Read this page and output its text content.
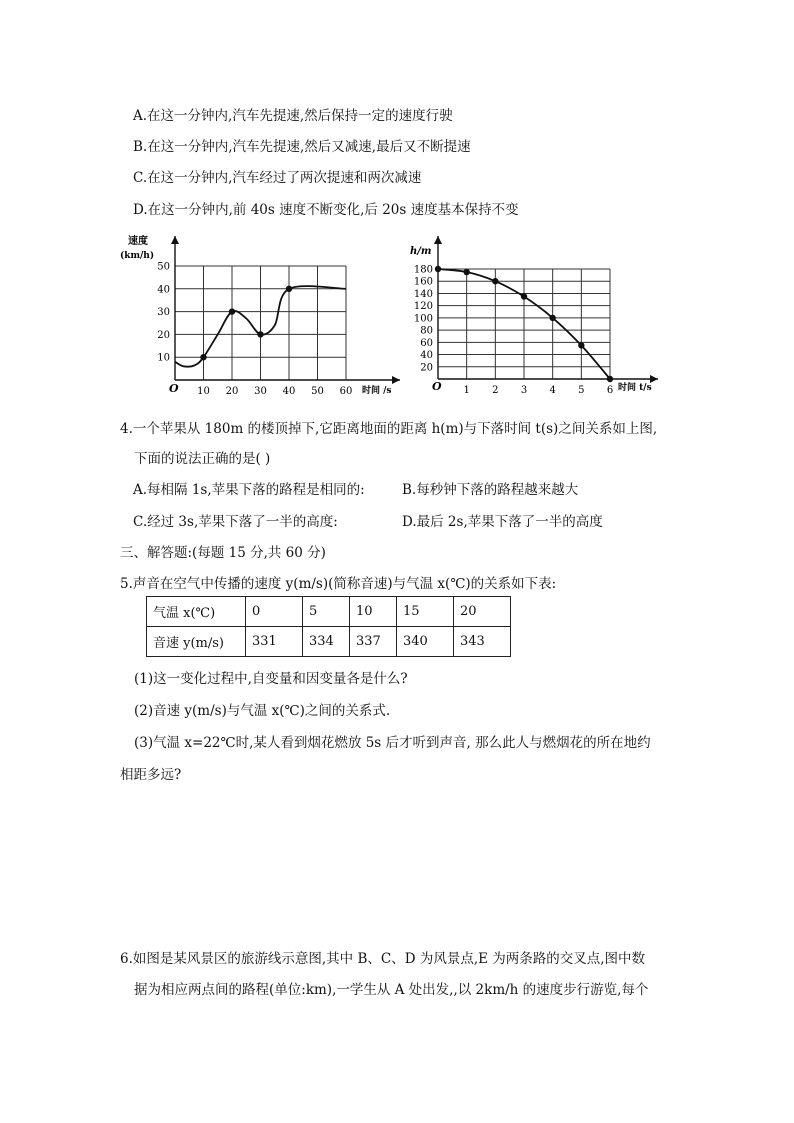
A.在这一分钟内,汽车先提速,然后保持一定的速度行驶
B.在这一分钟内,汽车先提速,然后又减速,最后又不断提速
C.在这一分钟内,汽车经过了两次提速和两次减速
D.在这一分钟内,前 40s 速度不断变化,后 20s 速度基本保持不变
速度
(km/h)
时间 /s
O 10 20 30 40 50 60
10
20
30
40
50
h/m
时间 t/s
O 1 2 3 4 5 6
20
40
60
80
100
120
140
160
180
4.一个苹果从 180m 的楼顶掉下,它距离地面的距离 h(m)与下落时间 t(s)之间关系如上图,
下面的说法正确的是( )
A.每相隔 1s,苹果下落的路程是相同的:	B.每秒钟下落的路程越来越大
C.经过 3s,苹果下落了一半的高度:	D.最后 2s,苹果下落了一半的高度
三、解答题:(每题 15 分,共 60 分)
5.声音在空气中传播的速度 y(m/s)(简称音速)与气温 x(℃)的关系如下表:
气温 x(℃)	0	5	10	15	20
音速 y(m/s)	331	334	337	340	343
(1)这一变化过程中,自变量和因变量各是什么?
(2)音速 y(m/s)与气温 x(℃)之间的关系式.
(3)气温 x=22℃时,某人看到烟花燃放 5s 后才听到声音, 那么此人与燃烟花的所在地约
相距多远?
6.如图是某风景区的旅游线示意图,其中 B、C、D 为风景点,E 为两条路的交叉点,图中数
据为相应两点间的路程(单位:km),一学生从 A 处出发,,以 2km/h 的速度步行游览,每个
